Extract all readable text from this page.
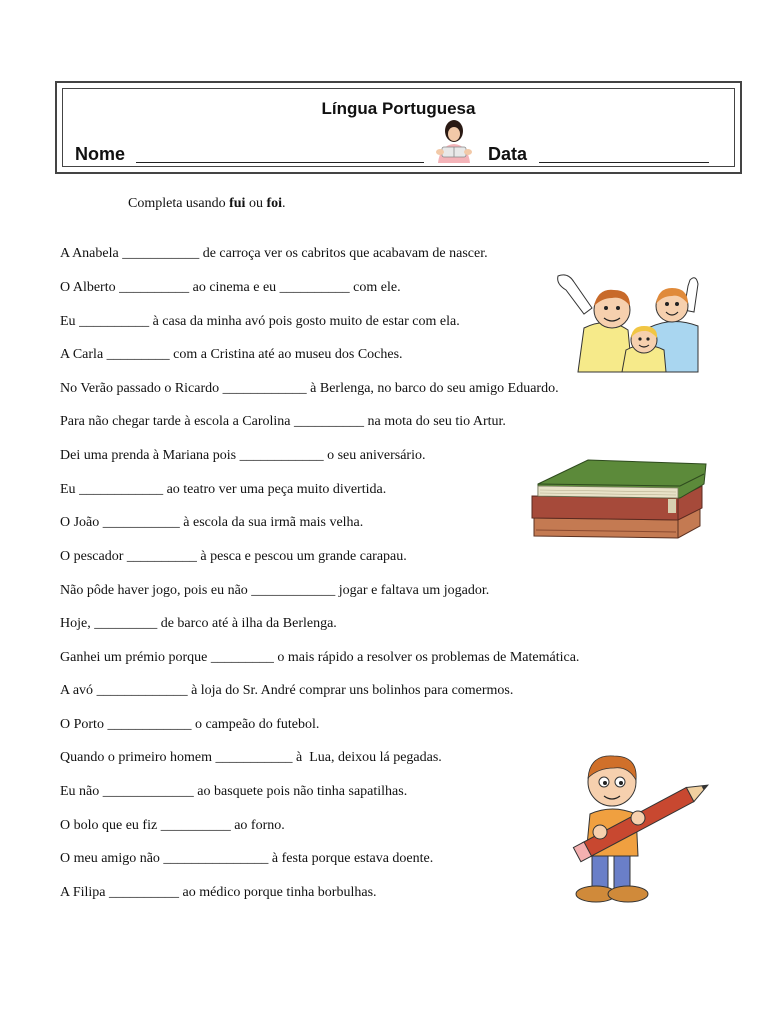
Língua Portuguesa
Nome	Data
Completa usando fui ou foi.
A Anabela ___________ de carroça ver os cabritos que acabavam de nascer.
O Alberto __________ ao cinema e eu __________ com ele.
Eu __________ à casa da minha avó pois gosto muito de estar com ela.
A Carla _________ com a Cristina até ao museu dos Coches.
No Verão passado o Ricardo ____________ à Berlenga, no barco do seu amigo Eduardo.
Para não chegar tarde à escola a Carolina __________ na mota do seu tio Artur.
Dei uma prenda à Mariana pois ____________ o seu aniversário.
Eu ____________ ao teatro ver uma peça muito divertida.
O João ___________ à escola da sua irmã mais velha.
O pescador __________ à pesca e pescou um grande carapau.
Não pôde haver jogo, pois eu não ____________ jogar e faltava um jogador.
Hoje, _________ de barco até à ilha da Berlenga.
Ganhei um prémio porque _________ o mais rápido a resolver os problemas de Matemática.
A avó _____________ à loja do Sr. André comprar uns bolinhos para comermos.
O Porto ____________ o campeão do futebol.
Quando o primeiro homem ___________ à  Lua, deixou lá pegadas.
Eu não _____________ ao basquete pois não tinha sapatilhas.
O bolo que eu fiz __________ ao forno.
O meu amigo não _______________ à festa porque estava doente.
A Filipa __________ ao médico porque tinha borbulhas.
